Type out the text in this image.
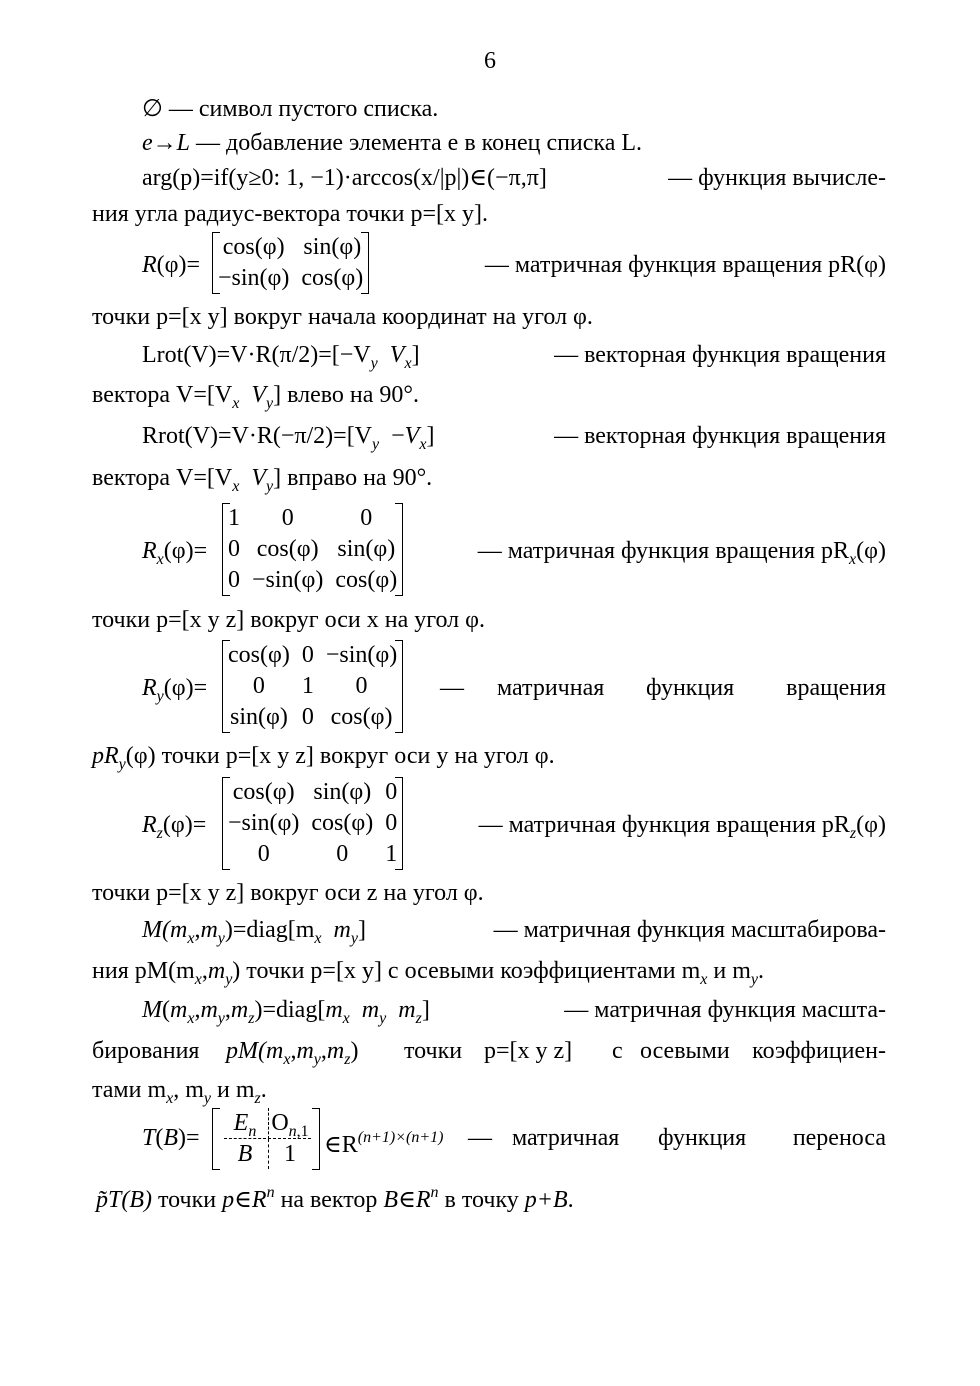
6
∅ — символ пустого списка.
e→L — добавление элемента e в конец списка L.
arg(p)=if(y≥0: 1, −1)·arccos(x/|p|)∈(−π,π]	— функция вычисле-
ния угла радиус-вектора точки p=[x y].
R(φ)=
cos(φ)	sin(φ)
−sin(φ)	cos(φ)	— матричная функция вращения pR(φ)
точки p=[x y] вокруг начала координат на угол φ.
$Lrot(V)=V\cdot R(\pi/2)=[-V_y$ $V_x$]	— векторная функция вращения
вектора $V=[V_x$ $V_y$] влево на 90°.
$Rrot(V)=V\cdot R(-\pi/2)=[V_y -V_x]$	— векторная функция вращения
вектора $V=[V_x$ $V_y$] вправо на 90°.
$R_x(\varphi)=$
1	0	0
0	cos(φ)	sin(φ)
0	−sin(φ)	cos(φ)
— матричная функция вращения $pR_x(\varphi)$
точки p=[x y z] вокруг оси x на угол φ.
$R_y(\varphi)=$
cos(φ)	0	−sin(φ)
0	1	0
sin(φ)	0	cos(φ)
— матричная функция вращения
$pR_y(\varphi)$ точки p=[x y z] вокруг оси y на угол φ.
$R_z(\varphi)=$
cos(φ)	sin(φ)	0
−sin(φ)	cos(φ)	0
0	0	1
— матричная функция вращения $pR_z(\varphi)$
точки p=[x y z] вокруг оси z на угол φ.
$M(m_x,m_y)=diag[m_x$ $m_y$]	— матричная функция масштабирова-
ния $pM(m_x,m_y)$ точки p=[x y] с осевыми коэффициентами $m_x$ и $m_y$.
$M(m_x,m_y,m_z)=diag[m_x$ $m_y$ $m_z$]	— матричная функция масшта-
бирования $pM(m_x,m_y,m_z)$ точки p=[x y z] с осевыми коэффициен-
тами $m_x$, $m_y$ и $m_z$.
T(B)=
$E_n$ $O_{n,1}$
B	1	$\in R^{(n+1)\times(n+1)}$ — матричная функция переноса
p̃T(B) точки $p\in R^n$ на вектор $B\in R^n$ в точку p+B.
